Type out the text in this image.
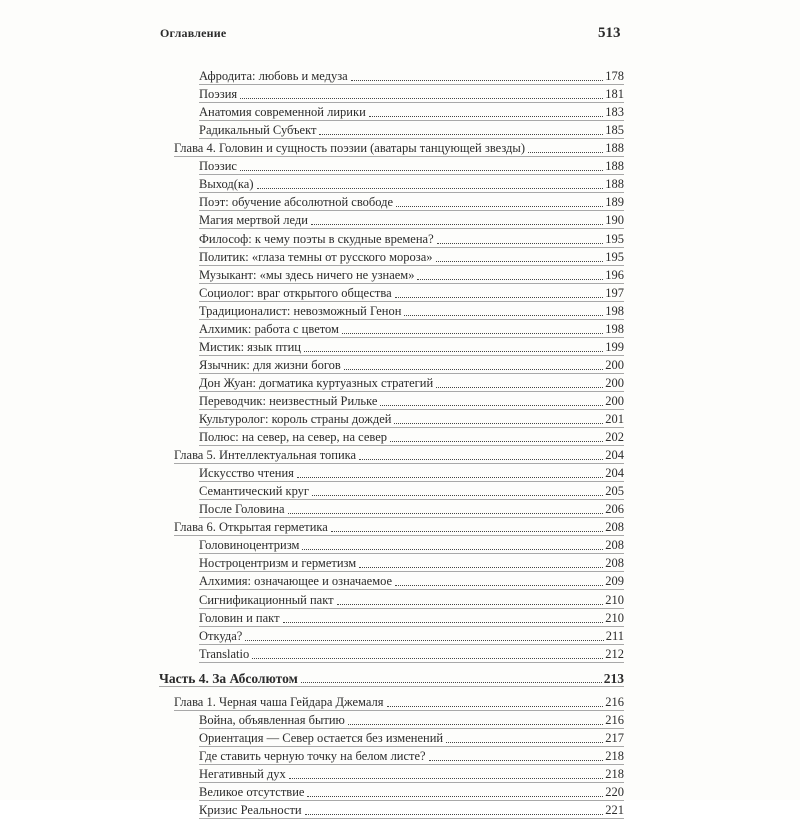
Оглавление	513
Афродита: любовь и медуза	178
Поэзия	181
Анатомия современной лирики	183
Радикальный Субъект	185
Глава 4. Головин и сущность поэзии (аватары танцующей звезды)	188
Поэзис	188
Выход(ка)	188
Поэт: обучение абсолютной свободе	189
Магия мертвой леди	190
Философ: к чему поэты в скудные времена?	195
Политик: «глаза темны от русского мороза»	195
Музыкант: «мы здесь ничего не узнаем»	196
Социолог: враг открытого общества	197
Традиционалист: невозможный Генон	198
Алхимик: работа с цветом	198
Мистик: язык птиц	199
Язычник: для жизни богов	200
Дон Жуан: догматика куртуазных стратегий	200
Переводчик: неизвестный Рильке	200
Культуролог: король страны дождей	201
Полюс: на север, на север, на север	202
Глава 5. Интеллектуальная топика	204
Искусство чтения	204
Семантический круг	205
После Головина	206
Глава 6. Открытая герметика	208
Головиноцентризм	208
Ностроцентризм и герметизм	208
Алхимия: означающее и означаемое	209
Сигнификационный пакт	210
Головин и пакт	210
Откуда?	211
Translatio	212
Часть 4. За Абсолютом	213
Глава 1. Черная чаша Гейдара Джемаля	216
Война, объявленная бытию	216
Ориентация — Север остается без изменений	217
Где ставить черную точку на белом листе?	218
Негативный дух	218
Великое отсутствие	220
Кризис Реальности	221
